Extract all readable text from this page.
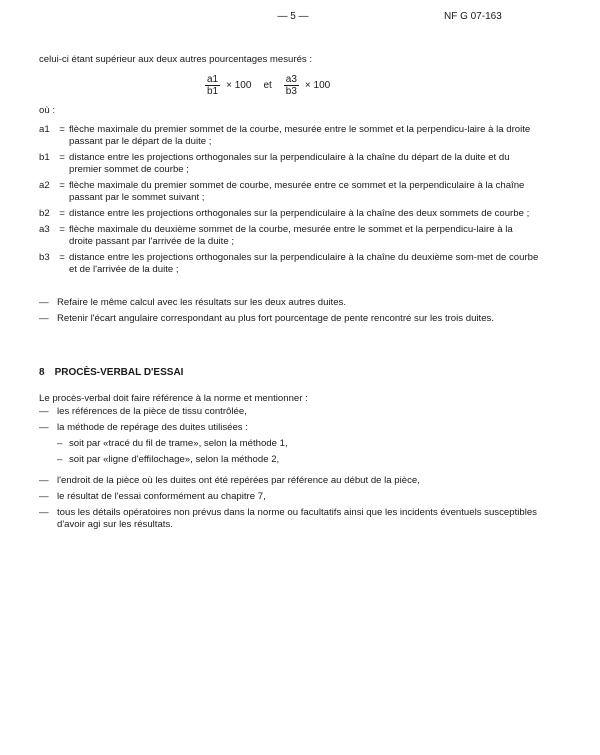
— 5 —	NF G 07-163
celui-ci étant supérieur aux deux autres pourcentages mesurés :
$\frac{a1}{b1} \times 100$ et $\frac{a3}{b3} \times 100$
où :
a1 = flèche maximale du premier sommet de la courbe, mesurée entre le sommet et la perpendicu-laire à la droite passant par le départ de la duite ;
b1 = distance entre les projections orthogonales sur la perpendiculaire à la chaîne du départ de la duite et du premier sommet de courbe ;
a2 = flèche maximale du premier sommet de courbe, mesurée entre ce sommet et la perpendiculaire à la chaîne passant par le sommet suivant ;
b2 = distance entre les projections orthogonales sur la perpendiculaire à la chaîne des deux sommets de courbe ;
a3 = flèche maximale du deuxième sommet de la courbe, mesurée entre le sommet et la perpendicu-laire à la droite passant par l'arrivée de la duite ;
b3 = distance entre les projections orthogonales sur la perpendiculaire à la chaîne du deuxième som-met de courbe et de l'arrivée de la duite ;
— Refaire le même calcul avec les résultats sur les deux autres duites.
— Retenir l'écart angulaire correspondant au plus fort pourcentage de pente rencontré sur les trois duites.
8 PROCÈS-VERBAL D'ESSAI
Le procès-verbal doit faire référence à la norme et mentionner :
— les références de la pièce de tissu contrôlée,
— la méthode de repérage des duites utilisées :
– soit par «tracé du fil de trame», selon la méthode 1,
– soit par «ligne d'effilochage», selon la méthode 2,
— l'endroit de la pièce où les duites ont été repérées par référence au début de la pièce,
— le résultat de l'essai conformément au chapitre 7,
— tous les détails opératoires non prévus dans la norme ou facultatifs ainsi que les incidents éventuels susceptibles d'avoir agi sur les résultats.
